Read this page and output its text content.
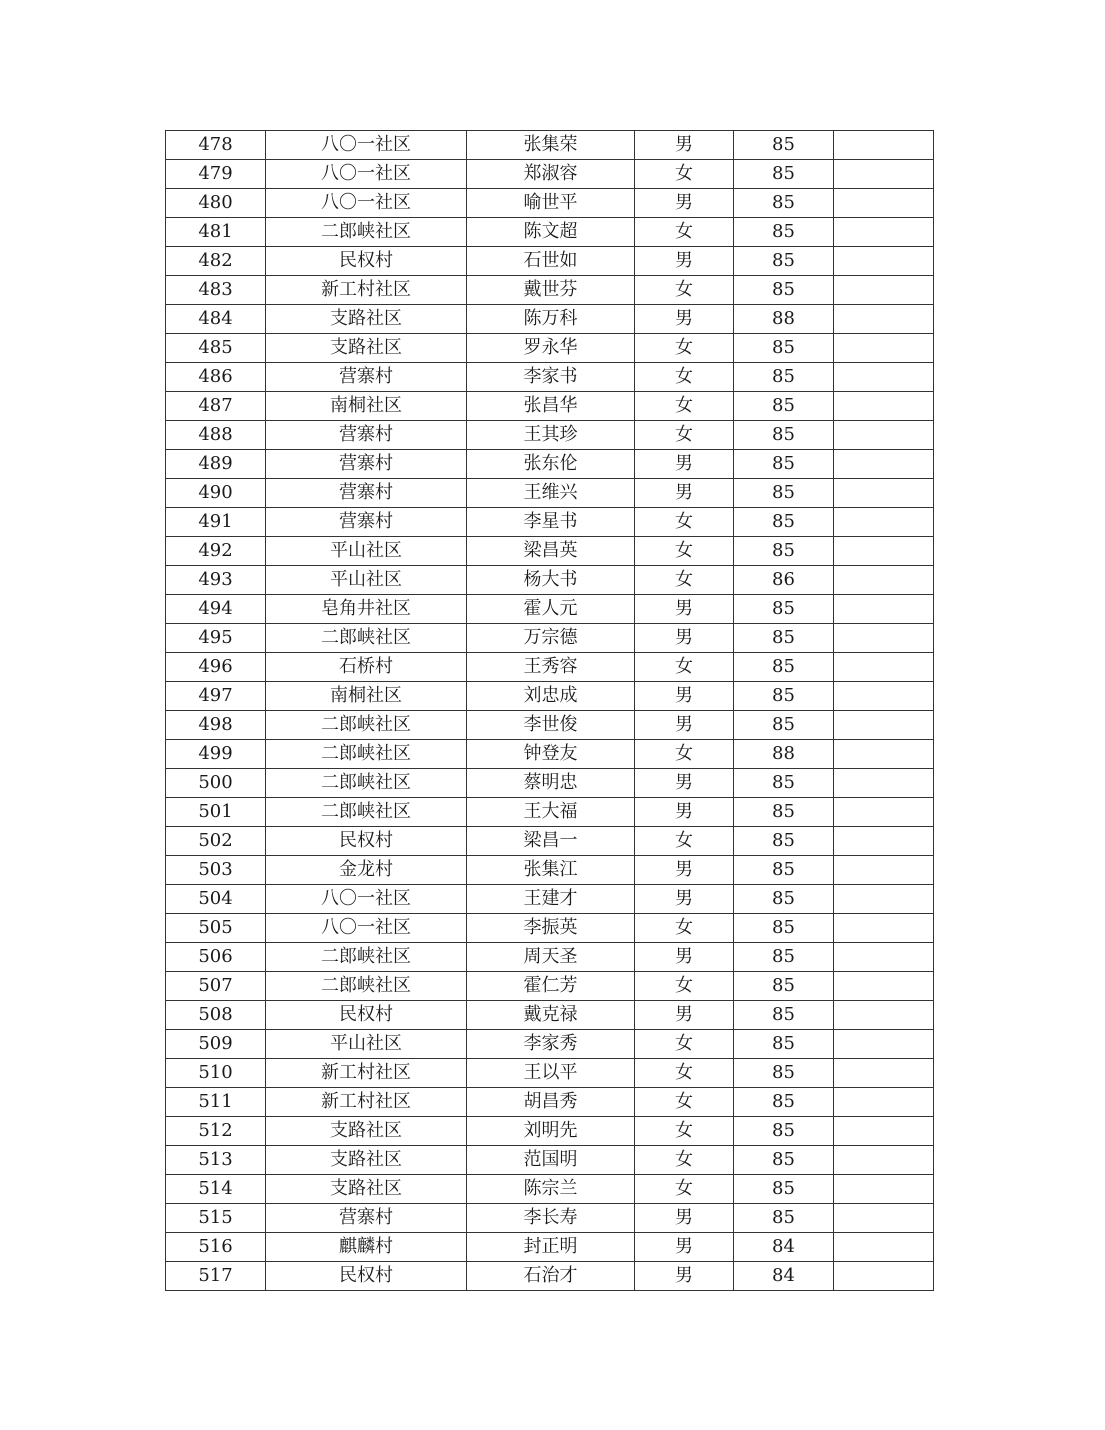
478	八〇一社区	张集荣	男	85	
479	八〇一社区	郑淑容	女	85	
480	八〇一社区	喻世平	男	85	
481	二郎峡社区	陈文超	女	85	
482	民权村	石世如	男	85	
483	新工村社区	戴世芬	女	85	
484	支路社区	陈万科	男	88	
485	支路社区	罗永华	女	85	
486	营寨村	李家书	女	85	
487	南桐社区	张昌华	女	85	
488	营寨村	王其珍	女	85	
489	营寨村	张东伦	男	85	
490	营寨村	王维兴	男	85	
491	营寨村	李星书	女	85	
492	平山社区	梁昌英	女	85	
493	平山社区	杨大书	女	86	
494	皂角井社区	霍人元	男	85	
495	二郎峡社区	万宗德	男	85	
496	石桥村	王秀容	女	85	
497	南桐社区	刘忠成	男	85	
498	二郎峡社区	李世俊	男	85	
499	二郎峡社区	钟登友	女	88	
500	二郎峡社区	蔡明忠	男	85	
501	二郎峡社区	王大福	男	85	
502	民权村	梁昌一	女	85	
503	金龙村	张集江	男	85	
504	八〇一社区	王建才	男	85	
505	八〇一社区	李振英	女	85	
506	二郎峡社区	周天圣	男	85	
507	二郎峡社区	霍仁芳	女	85	
508	民权村	戴克禄	男	85	
509	平山社区	李家秀	女	85	
510	新工村社区	王以平	女	85	
511	新工村社区	胡昌秀	女	85	
512	支路社区	刘明先	女	85	
513	支路社区	范国明	女	85	
514	支路社区	陈宗兰	女	85	
515	营寨村	李长寿	男	85	
516	麒麟村	封正明	男	84	
517	民权村	石治才	男	84	
